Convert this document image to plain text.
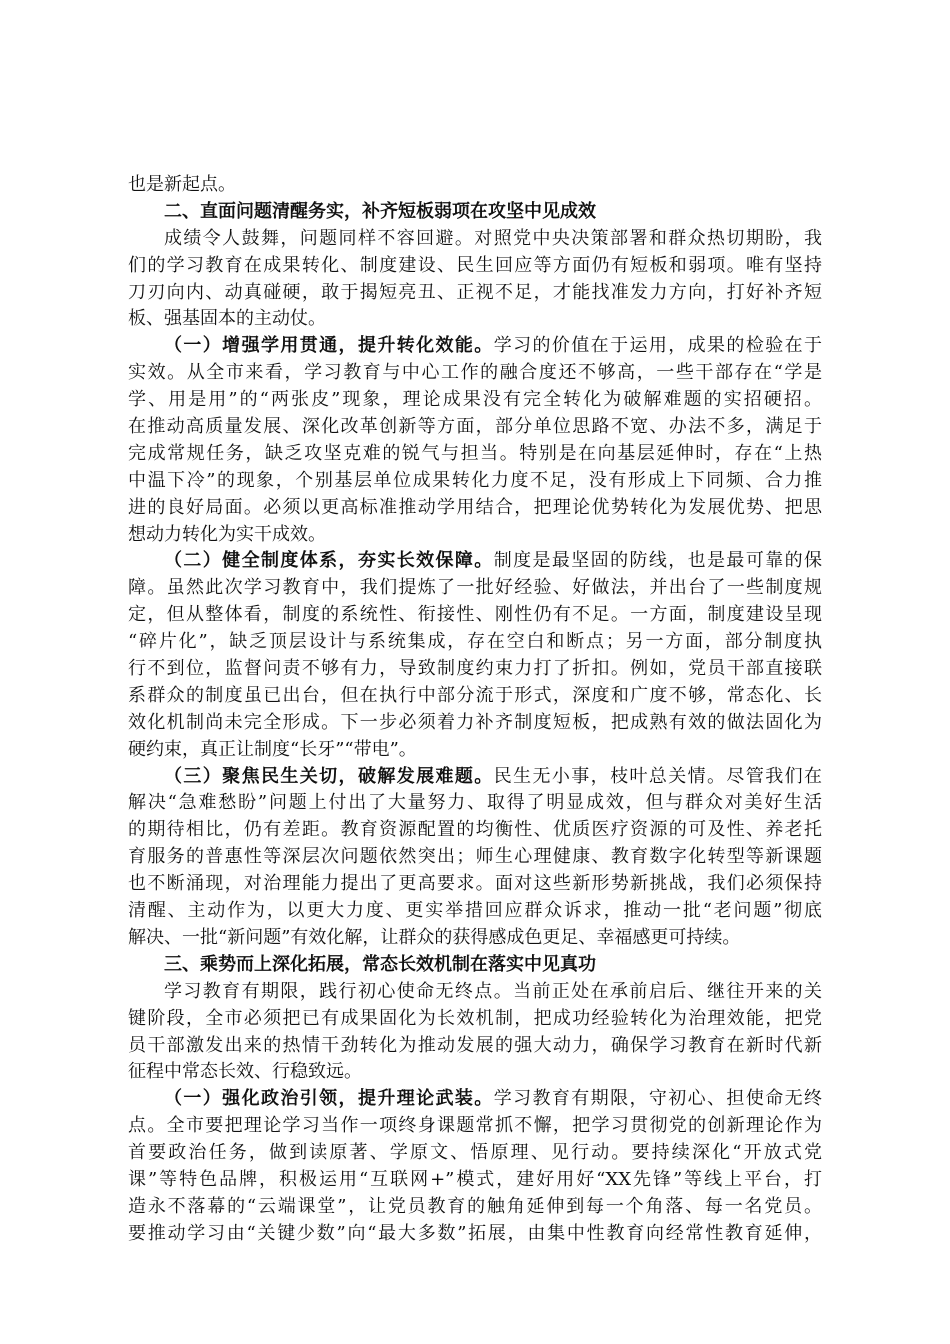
也是新起点。
二、直面问题清醒务实，补齐短板弱项在攻坚中见成效
成绩令人鼓舞，问题同样不容回避。对照党中央决策部署和群众热切期盼，我
们的学习教育在成果转化、制度建设、民生回应等方面仍有短板和弱项。唯有坚持
刀刃向内、动真碰硬，敢于揭短亮丑、正视不足，才能找准发力方向，打好补齐短
板、强基固本的主动仗。
（一）增强学用贯通，提升转化效能。学习的价值在于运用，成果的检验在于
实效。从全市来看，学习教育与中心工作的融合度还不够高，一些干部存在“学是
学、用是用”的“两张皮”现象，理论成果没有完全转化为破解难题的实招硬招。
在推动高质量发展、深化改革创新等方面，部分单位思路不宽、办法不多，满足于
完成常规任务，缺乏攻坚克难的锐气与担当。特别是在向基层延伸时，存在“上热
中温下冷”的现象，个别基层单位成果转化力度不足，没有形成上下同频、合力推
进的良好局面。必须以更高标准推动学用结合，把理论优势转化为发展优势、把思
想动力转化为实干成效。
（二）健全制度体系，夯实长效保障。制度是最坚固的防线，也是最可靠的保
障。虽然此次学习教育中，我们提炼了一批好经验、好做法，并出台了一些制度规
定，但从整体看，制度的系统性、衔接性、刚性仍有不足。一方面，制度建设呈现
“碎片化”，缺乏顶层设计与系统集成，存在空白和断点；另一方面，部分制度执
行不到位，监督问责不够有力，导致制度约束力打了折扣。例如，党员干部直接联
系群众的制度虽已出台，但在执行中部分流于形式，深度和广度不够，常态化、长
效化机制尚未完全形成。下一步必须着力补齐制度短板，把成熟有效的做法固化为
硬约束，真正让制度“长牙”“带电”。
（三）聚焦民生关切，破解发展难题。民生无小事，枝叶总关情。尽管我们在
解决“急难愁盼”问题上付出了大量努力、取得了明显成效，但与群众对美好生活
的期待相比，仍有差距。教育资源配置的均衡性、优质医疗资源的可及性、养老托
育服务的普惠性等深层次问题依然突出；师生心理健康、教育数字化转型等新课题
也不断涌现，对治理能力提出了更高要求。面对这些新形势新挑战，我们必须保持
清醒、主动作为，以更大力度、更实举措回应群众诉求，推动一批“老问题”彻底
解决、一批“新问题”有效化解，让群众的获得感成色更足、幸福感更可持续。
三、乘势而上深化拓展，常态长效机制在落实中见真功
学习教育有期限，践行初心使命无终点。当前正处在承前启后、继往开来的关
键阶段，全市必须把已有成果固化为长效机制，把成功经验转化为治理效能，把党
员干部激发出来的热情干劲转化为推动发展的强大动力，确保学习教育在新时代新
征程中常态长效、行稳致远。
（一）强化政治引领，提升理论武装。学习教育有期限，守初心、担使命无终
点。全市要把理论学习当作一项终身课题常抓不懈，把学习贯彻党的创新理论作为
首要政治任务，做到读原著、学原文、悟原理、见行动。要持续深化“开放式党
课”等特色品牌，积极运用“互联网+”模式，建好用好“XX先锋”等线上平台，打
造永不落幕的“云端课堂”，让党员教育的触角延伸到每一个角落、每一名党员。
要推动学习由“关键少数”向“最大多数”拓展，由集中性教育向经常性教育延伸，
